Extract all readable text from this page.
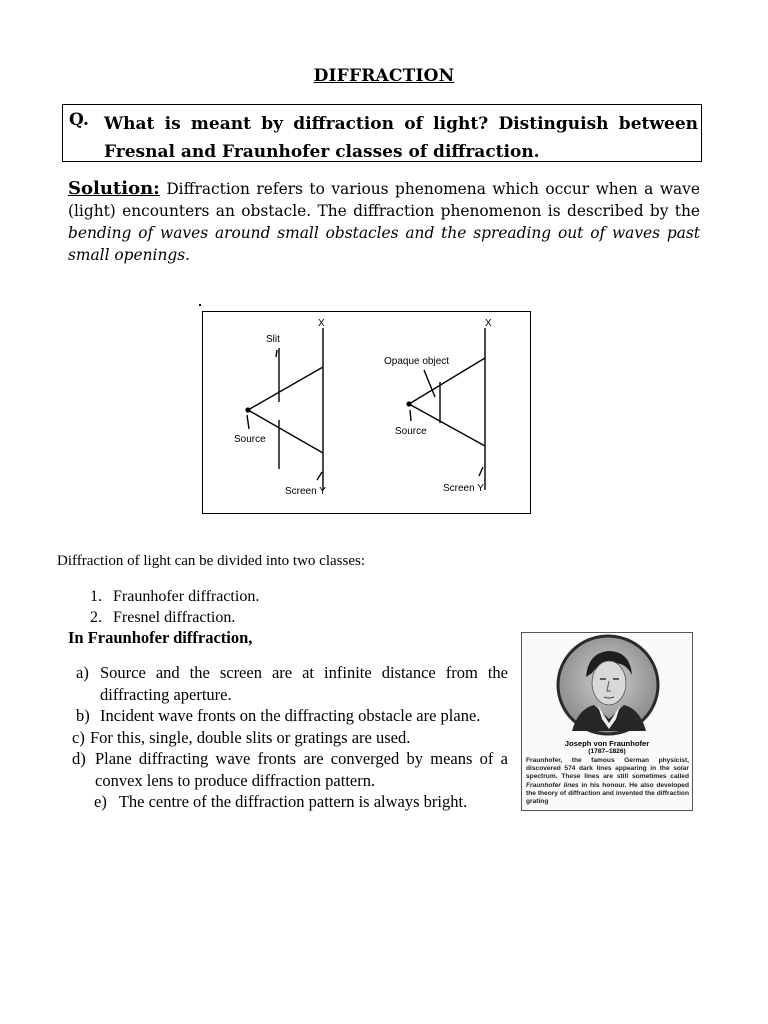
DIFFRACTION
Q. What is meant by diffraction of light? Distinguish between Fresnal and Fraunhofer classes of diffraction.
Solution: Diffraction refers to various phenomena which occur when a wave (light) encounters an obstacle. The diffraction phenomenon is described by the bending of waves around small obstacles and the spreading out of waves past small openings.
X
Slit
Source
Screen Y
X
Opaque object
Source
Screen Y
Diffraction of light can be divided into two classes:
1. Fraunhofer diffraction.
2. Fresnel diffraction.
In Fraunhofer diffraction,
a) Source and the screen are at infinite distance from the diffracting aperture.
b) Incident wave fronts on the diffracting obstacle are plane.
c) For this, single, double slits or gratings are used.
d) Plane diffracting wave fronts are converged by means of a convex lens to produce diffraction pattern.
e) The centre of the diffraction pattern is always bright.
Joseph von Fraunhofer
(1787–1826)
Fraunhofer, the famous German physicist, discovered 574 dark lines appearing in the solar spectrum. These lines are still sometimes called Fraunhofer lines in his honour. He also developed the theory of diffraction and invented the diffraction grating
